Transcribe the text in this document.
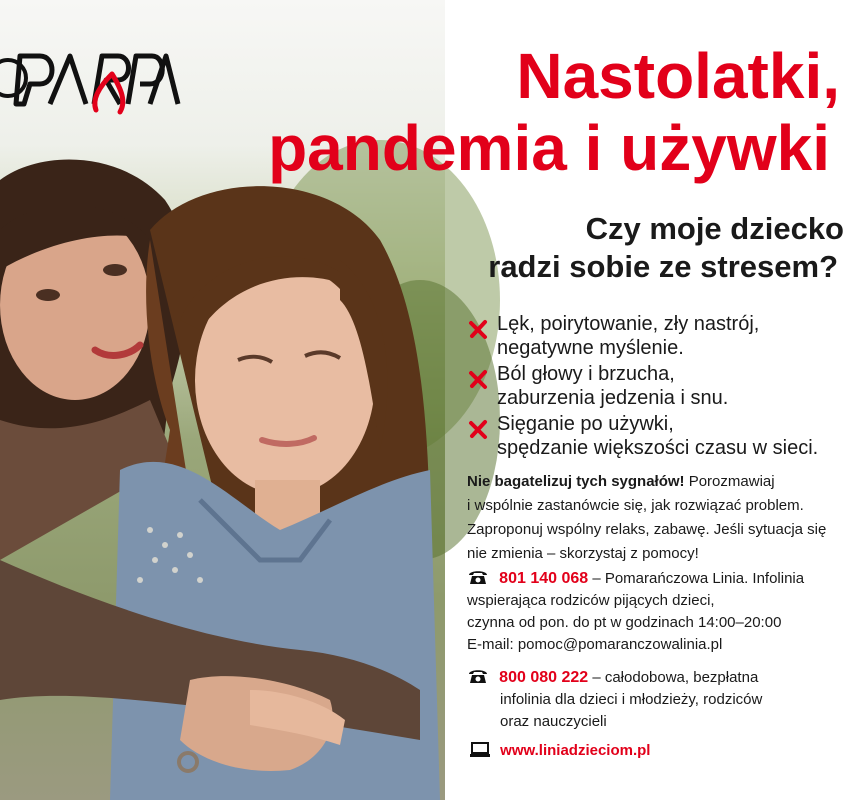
Nastolatki,
pandemia i używki
Czy moje dziecko
radzi sobie ze stresem?
Lęk, poirytowanie, zły nastrój,
negatywne myślenie.
Ból głowy i brzucha,
zaburzenia jedzenia i snu.
Sięganie po używki,
spędzanie większości czasu w sieci.
Nie bagatelizuj tych sygnałów! Porozmawiaj
i wspólnie zastanówcie się, jak rozwiązać problem.
Zaproponuj wspólny relaks, zabawę. Jeśli sytuacja się
nie zmienia – skorzystaj z pomocy!
801 140 068 – Pomarańczowa Linia. Infolinia
wspierająca rodziców pijących dzieci,
czynna od pon. do pt w godzinach 14:00–20:00
E-mail: pomoc@pomaranczowalinia.pl
800 080 222 – całodobowa, bezpłatna
infolinia dla dzieci i młodzieży, rodziców
oraz nauczycieli
www.liniadzieciom.pl
